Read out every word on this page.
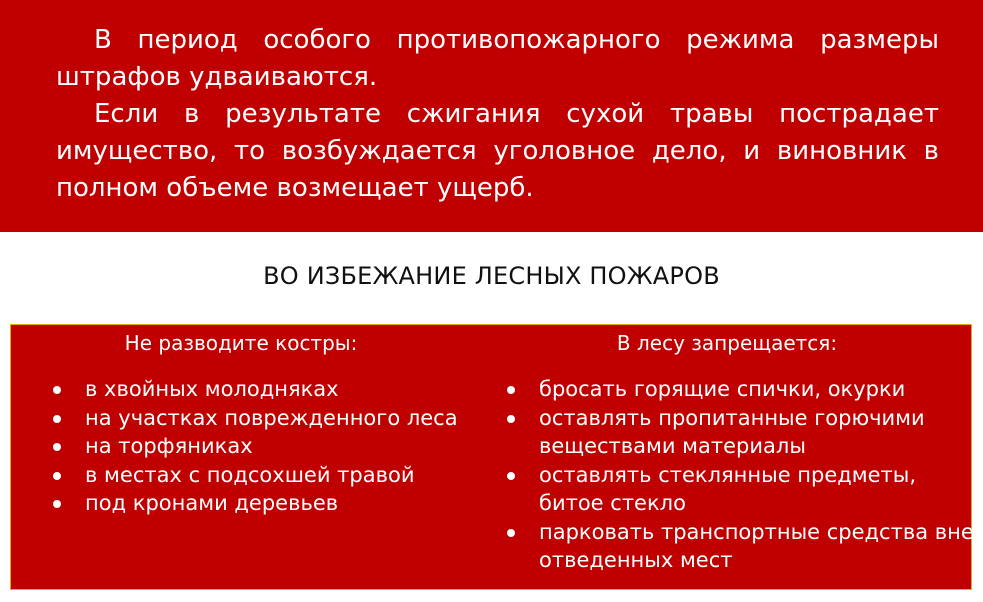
В период особого противопожарного режима размеры штрафов удваиваются.

Если в результате сжигания сухой травы пострадает имущество, то возбуждается уголовное дело, и виновник в полном объеме возмещает ущерб.

ВО ИЗБЕЖАНИЕ ЛЕСНЫХ ПОЖАРОВ
Не разводите костры:
в хвойных молодняках
на участках поврежденного леса
на торфяниках
в местах с подсохшей травой
под кронами деревьев
В лесу запрещается:
бросать горящие спички, окурки
оставлять пропитанные горючими веществами материалы
оставлять стеклянные предметы, битое стекло
парковать транспортные средства вне отведенных мест
